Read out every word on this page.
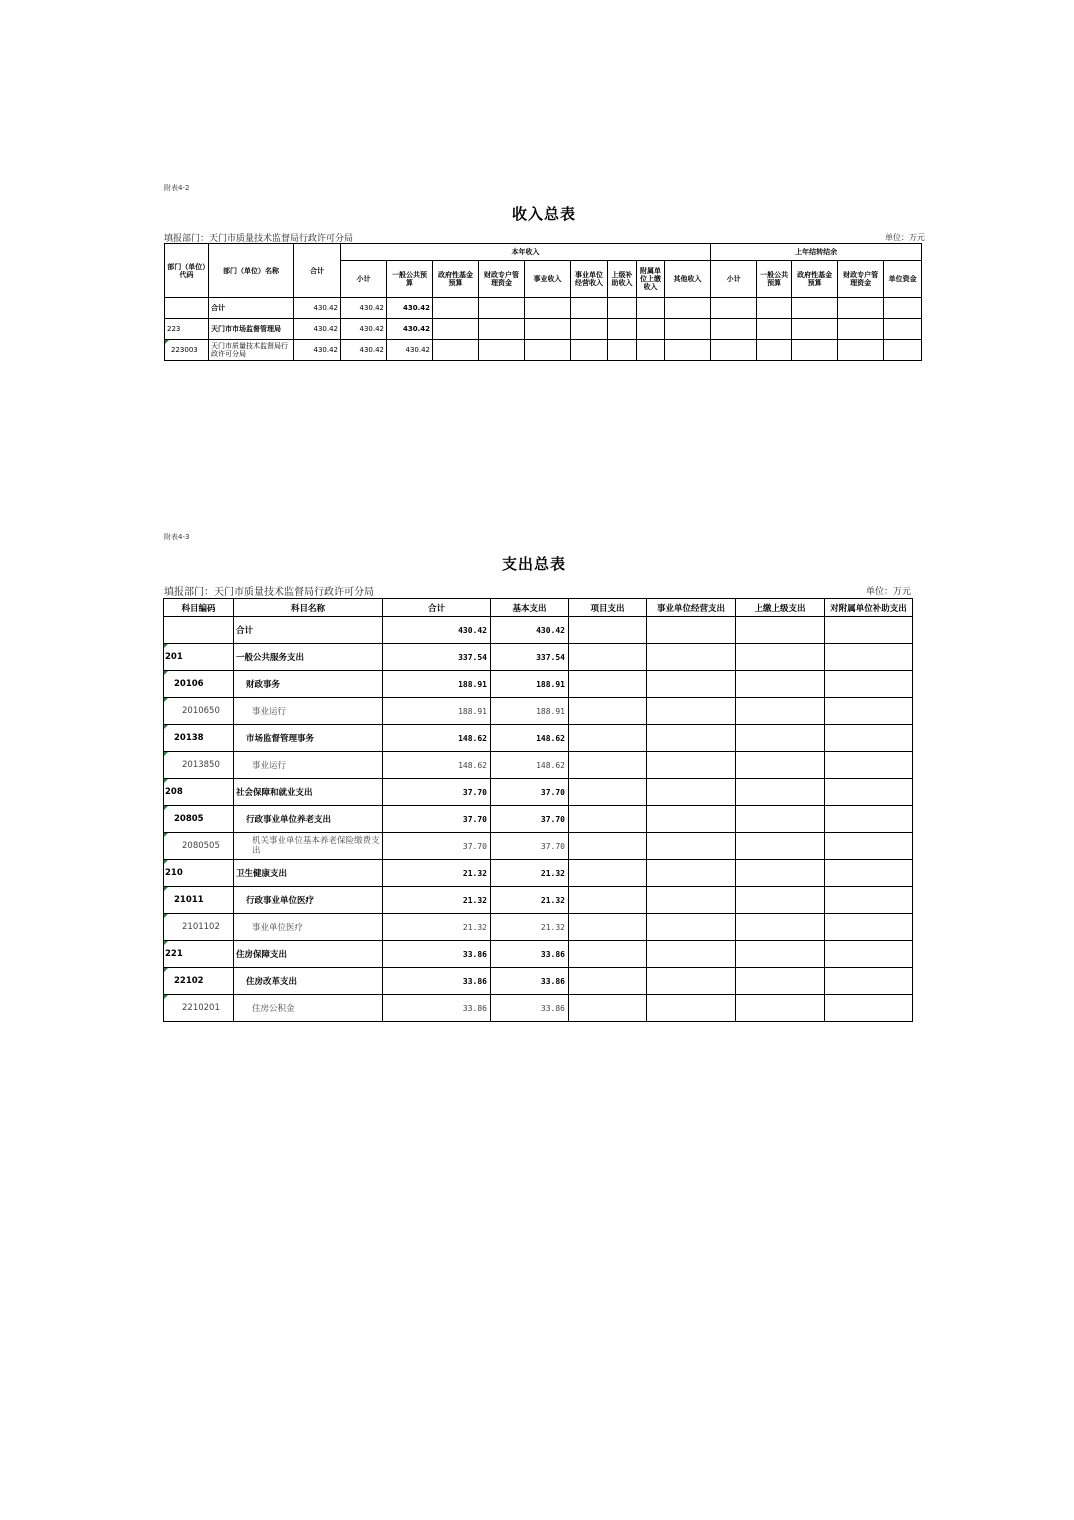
附表4-2
收入总表
填报部门：天门市质量技术监督局行政许可分局	单位：万元
部门（单位）代码	部门（单位）名称	合计	本年收入									上年结转结余				
			小计	一般公共预算	政府性基金预算	财政专户管理资金	事业收入	事业单位经营收入	上级补助收入	附属单位上缴收入	其他收入	小计	一般公共预算	政府性基金预算	财政专户管理资金	单位资金
	合计	430.42	430.42	430.42												
223	天门市市场监督管理局	430.42	430.42	430.42												
223003	天门市质量技术监督局行政许可分局	430.42	430.42	430.42												
附表4-3
支出总表
填报部门：天门市质量技术监督局行政许可分局	单位：万元
科目编码	科目名称	合计	基本支出	项目支出	事业单位经营支出	上缴上级支出	对附属单位补助支出
	合计	430.42	430.42				
201	一般公共服务支出	337.54	337.54				
20106	财政事务	188.91	188.91				
2010650	事业运行	188.91	188.91				
20138	市场监督管理事务	148.62	148.62				
2013850	事业运行	148.62	148.62				
208	社会保障和就业支出	37.70	37.70				
20805	行政事业单位养老支出	37.70	37.70				
2080505	机关事业单位基本养老保险缴费支出	37.70	37.70				
210	卫生健康支出	21.32	21.32				
21011	行政事业单位医疗	21.32	21.32				
2101102	事业单位医疗	21.32	21.32				
221	住房保障支出	33.86	33.86				
22102	住房改革支出	33.86	33.86				
2210201	住房公积金	33.86	33.86				
